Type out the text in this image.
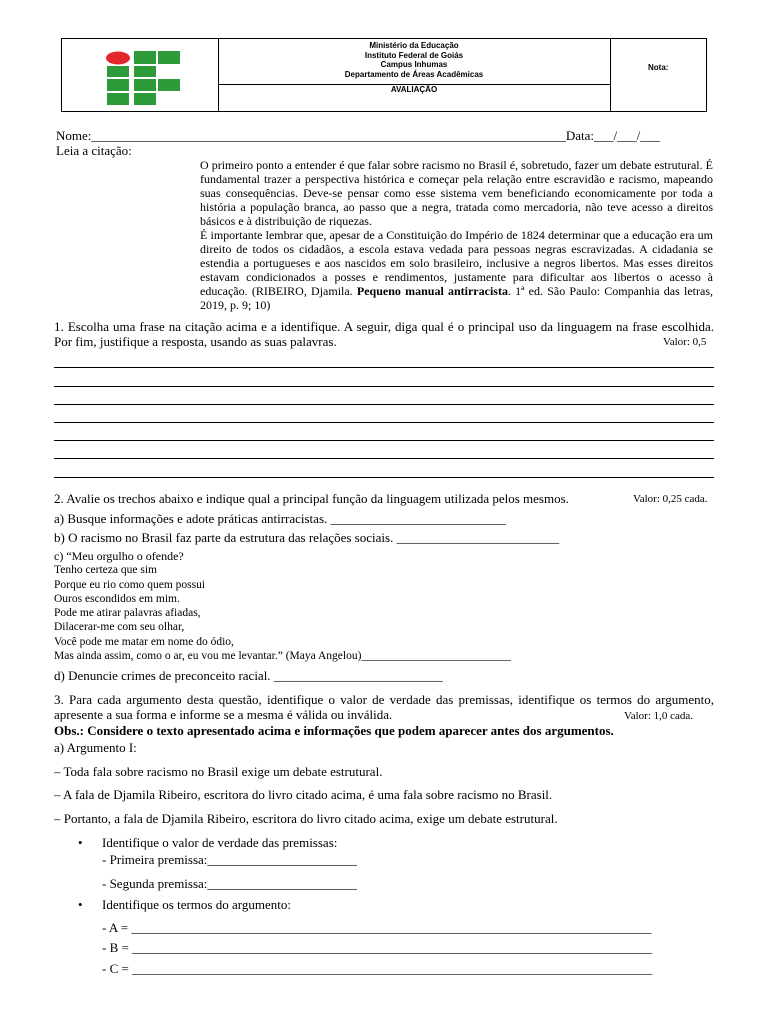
Ministério da Educação
Instituto Federal de Goiás
Campus Inhumas
Departamento de Áreas Acadêmicas
AVALIAÇÃO
Nota:
Nome:_________________________________________________________________________Data:___/___/___
Leia a citação:
O primeiro ponto a entender é que falar sobre racismo no Brasil é, sobretudo, fazer um debate estrutural. É fundamental trazer a perspectiva histórica e começar pela relação entre escravidão e racismo, mapeando suas consequências. Deve-se pensar como esse sistema vem beneficiando economicamente por toda a história a população branca, ao passo que a negra, tratada como mercadoria, não teve acesso a direitos básicos e à distribuição de riquezas.
É importante lembrar que, apesar de a Constituição do Império de 1824 determinar que a educação era um direito de todos os cidadãos, a escola estava vedada para pessoas negras escravizadas. A cidadania se estendia a portugueses e aos nascidos em solo brasileiro, inclusive a negros libertos. Mas esses direitos estavam condicionados a posses e rendimentos, justamente para dificultar aos libertos o acesso à educação. (RIBEIRO, Djamila. Pequeno manual antirracista. 1ª ed. São Paulo: Companhia das letras, 2019, p. 9; 10)
1. Escolha uma frase na citação acima e a identifique. A seguir, diga qual é o principal uso da linguagem na frase escolhida. Por fim, justifique a resposta, usando as suas palavras.	Valor: 0,5
2. Avalie os trechos abaixo e indique qual a principal função da linguagem utilizada pelos mesmos.	Valor: 0,25 cada.
a) Busque informações e adote práticas antirracistas. ___________________________
b) O racismo no Brasil faz parte da estrutura das relações sociais. _________________________
c) “Meu orgulho o ofende?
Tenho certeza que sim
Porque eu rio como quem possui
Ouros escondidos em mim.
Pode me atirar palavras afiadas,
Dilacerar-me com seu olhar,
Você pode me matar em nome do ódio,
Mas ainda assim, como o ar, eu vou me levantar.” (Maya Angelou)__________________________
d) Denuncie crimes de preconceito racial. __________________________
3. Para cada argumento desta questão, identifique o valor de verdade das premissas, identifique os termos do argumento, apresente a sua forma e informe se a mesma é válida ou inválida.	Valor: 1,0 cada.
Obs.: Considere o texto apresentado acima e informações que podem aparecer antes dos argumentos.
a) Argumento I:
– Toda fala sobre racismo no Brasil exige um debate estrutural.
– A fala de Djamila Ribeiro, escritora do livro citado acima, é uma fala sobre racismo no Brasil.
– Portanto, a fala de Djamila Ribeiro, escritora do livro citado acima, exige um debate estrutural.
• Identifique o valor de verdade das premissas:
- Primeira premissa:_______________________
- Segunda premissa:_______________________
• Identifique os termos do argumento:
- A = ________________________________________________________________________________
- B = ________________________________________________________________________________
- C = ________________________________________________________________________________
